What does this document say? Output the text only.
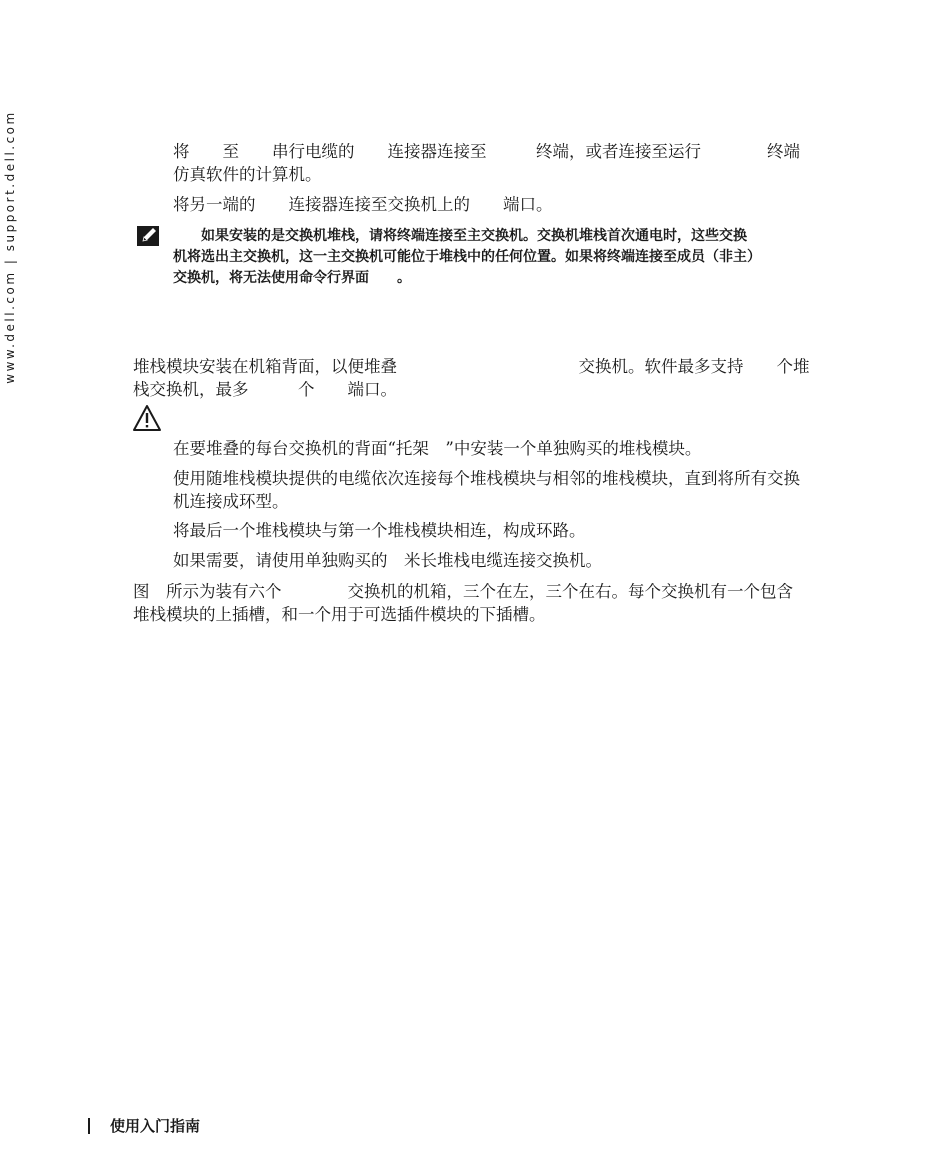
www.dell.com | support.dell.com	将　　至　　串行电缆的　　连接器连接至　　　终端，或者连接至运行　　　　终端
仿真软件的计算机。
将另一端的　　连接器连接至交换机上的　　端口。
　　如果安装的是交换机堆栈，请将终端连接至主交换机。交换机堆栈首次通电时，这些交换
机将选出主交换机，这一主交换机可能位于堆栈中的任何位置。如果将终端连接至成员（非主）
交换机，将无法使用命令行界面　　。
堆栈模块安装在机箱背面，以便堆叠　　　　　　　　　　　交换机。软件最多支持　　个堆
栈交换机，最多　　　个　　端口。
在要堆叠的每台交换机的背面“托架　”中安装一个单独购买的堆栈模块。
使用随堆栈模块提供的电缆依次连接每个堆栈模块与相邻的堆栈模块，直到将所有交换
机连接成环型。
将最后一个堆栈模块与第一个堆栈模块相连，构成环路。
如果需要，请使用单独购买的　米长堆栈电缆连接交换机。
图　所示为装有六个　　　　交换机的机箱，三个在左，三个在右。每个交换机有一个包含
堆栈模块的上插槽，和一个用于可选插件模块的下插槽。
使用入门指南
